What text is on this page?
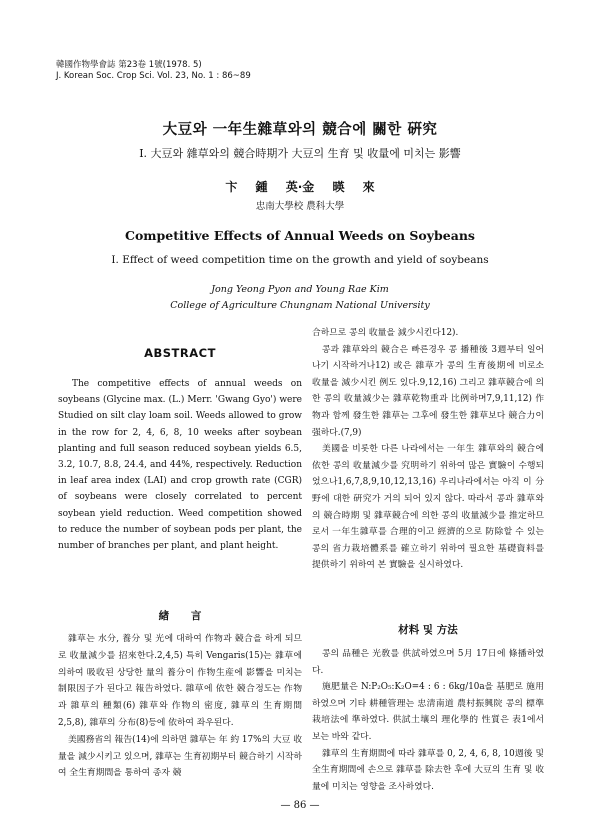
韓國作物學會誌 第23卷 1號(1978. 5)
J. Korean Soc. Crop Sci. Vol. 23, No. 1 : 86~89
大豆와 一年生雜草와의 競合에 關한 硏究
I. 大豆와 雜草와의 競合時期가 大豆의 生育 및 收量에 미치는 影響
卞 鍾 英·金 暎 來
忠南大學校 農科大學
Competitive Effects of Annual Weeds on Soybeans
I. Effect of weed competition time on the growth and yield of soybeans
Jong Yeong Pyon and Young Rae Kim
College of Agriculture Chungnam National University
ABSTRACT

The competitive effects of annual weeds on soybeans (Glycine max. (L.) Merr. 'Gwang Gyo') were Studied on silt clay loam soil. Weeds allowed to grow in the row for 2, 4, 6, 8, 10 weeks after soybean planting and full season reduced soybean yields 6.5, 3.2, 10.7, 8.8, 24.4, and 44%, respectively. Reduction in leaf area index (LAI) and crop growth rate (CGR) of soybeans were closely correlated to percent soybean yield reduction. Weed competition showed to reduce the number of soybean pods per plant, the number of branches per plant, and plant height.

緖 言

雜草는 水分, 養分 및 光에 대하여 作物과 競合을 하게 되므로 收量減少를 招來한다.2,4,5) 특히 Vengaris(15)는 雜草에 의하여 吸收된 상당한 量의 養分이 作物生産에 影響을 미치는 制限因子가 된다고 報告하였다. 雜草에 依한 競合정도는 作物과 雜草의 種類(6) 雜草와 作物의 密度, 雜草의 生育期間2,5,8), 雜草의 分布(8)등에 依하여 좌우된다.

美國務省의 報告(14)에 의하면 雜草는 年 約 17%의 大豆 收量을 減少시키고 있으며, 雜草는 生育初期부터 競合하기 시작하여 全生育期間을 통하여 종자 競

合하므로 콩의 收量을 減少시킨다12).

콩과 雜草와의 競合은 빠른경우 콩 播種後 3週부터 일어나기 시작하거나12) 或은 雜草가 콩의 生育後期에 비로소 收量을 減少시킨 例도 있다.9,12,16) 그리고 雜草競合에 의한 콩의 收量減少는 雜草乾物重과 比例하며7,9,11,12) 作物과 함께 發生한 雜草는 그후에 發生한 雜草보다 競合力이 强하다.(7,9)

美國을 비롯한 다른 나라에서는 一年生 雜草와의 競合에 依한 콩의 收量減少를 究明하기 위하여 많은 實驗이 수행되었으나1,6,7,8,9,10,12,13,16) 우리나라에서는 아직 이 分野에 대한 硏究가 거의 되어 있지 않다. 따라서 콩과 雜草와의 競合時期 및 雜草競合에 의한 콩의 收量減少를 推定하므로서 一年生雜草를 合理的이고 經濟的으로 防除할 수 있는 콩의 省力栽培體系를 確立하기 위하여 필요한 基礎資料를 提供하기 위하여 본 實驗을 실시하였다.

材料 및 方法

콩의 品種은 光敎를 供試하였으며 5月 17日에 條播하였다.

施肥量은 N:P₂O₅:K₂O=4 : 6 : 6kg/10a을 基肥로 施用하였으며 기타 耕種管理는 忠淸南道 農村振興院 콩의 標準栽培法에 準하였다. 供試土壤의 理化學的 性質은 表1에서 보는 바와 같다.

雜草의 生育期間에 따라 雜草를 0, 2, 4, 6, 8, 10週後 및 全生育期間에 손으로 雜草를 除去한 후에 大豆의 生育 및 收量에 미치는 영향을 조사하였다.

— 86 —
